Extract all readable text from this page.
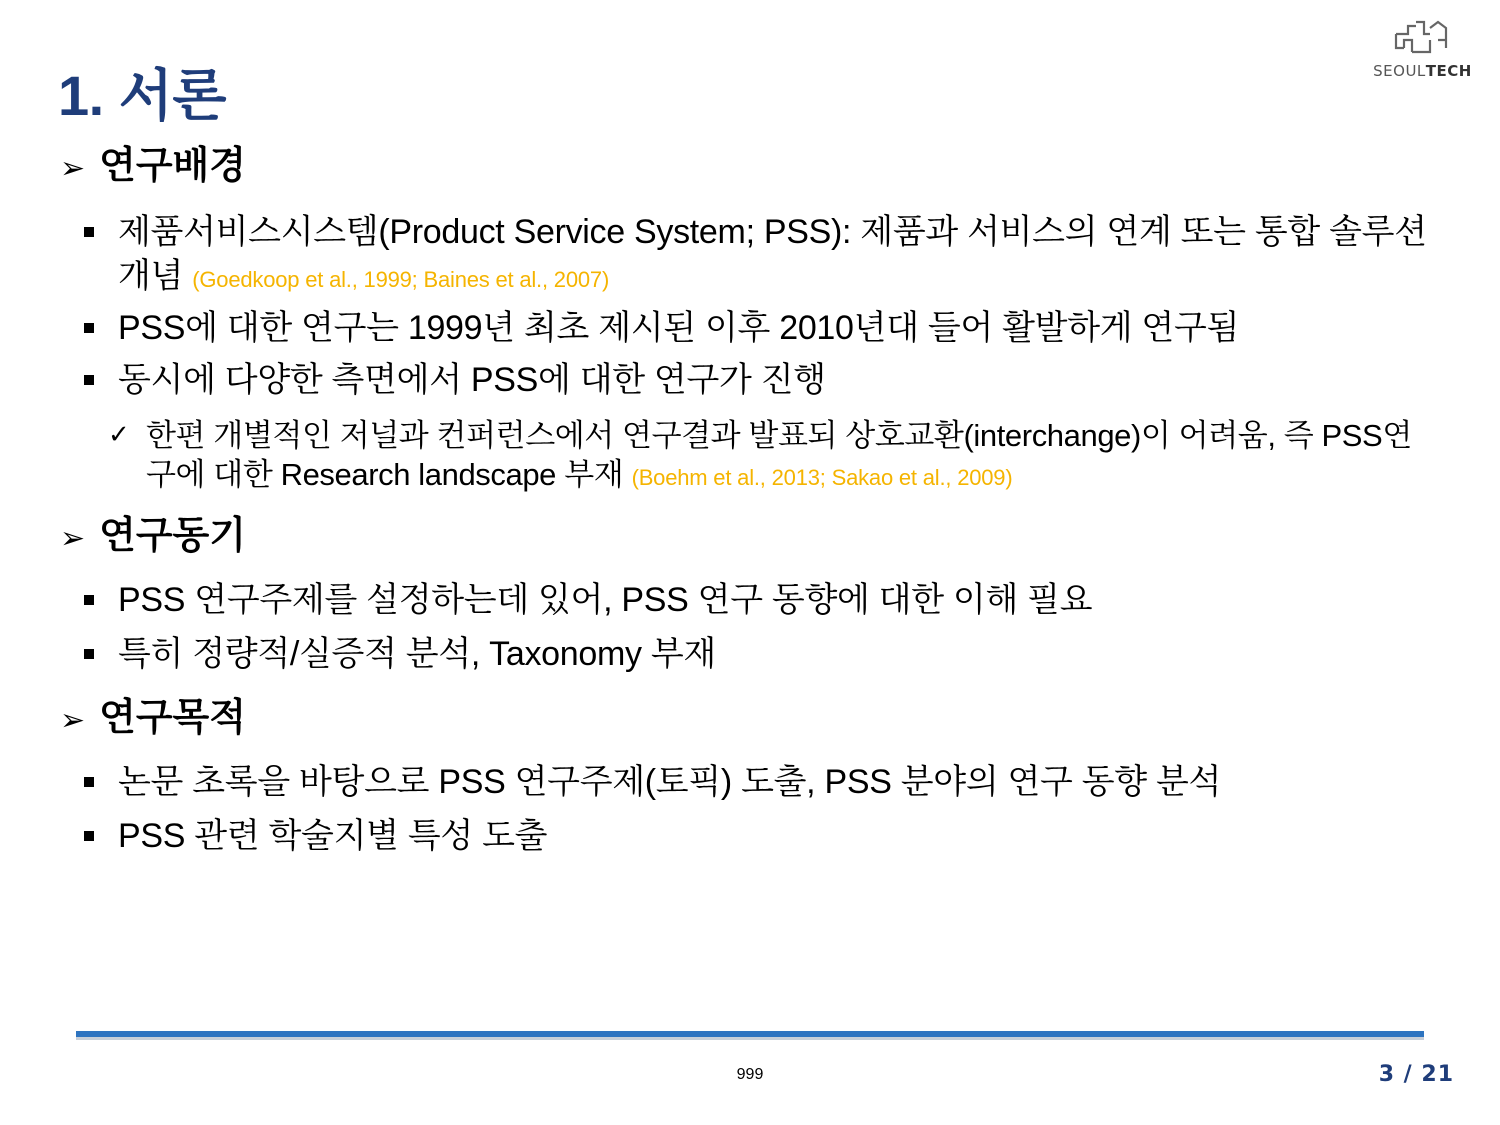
1. 서론	SEOULTECH
➢ 연구배경
제품서비스시스템(Product Service System; PSS): 제품과 서비스의 연계 또는 통합 솔루션 개념 (Goedkoop et al., 1999; Baines et al., 2007)
PSS에 대한 연구는 1999년 최초 제시된 이후 2010년대 들어 활발하게 연구됨
동시에 다양한 측면에서 PSS에 대한 연구가 진행
✓ 한편 개별적인 저널과 컨퍼런스에서 연구결과 발표되 상호교환(interchange)이 어려움, 즉 PSS연구에 대한 Research landscape 부재 (Boehm et al., 2013; Sakao et al., 2009)
➢ 연구동기
PSS 연구주제를 설정하는데 있어, PSS 연구 동향에 대한 이해 필요
특히 정량적/실증적 분석, Taxonomy 부재
➢ 연구목적
논문 초록을 바탕으로 PSS 연구주제(토픽) 도출, PSS 분야의 연구 동향 분석
PSS 관련 학술지별 특성 도출
999	3 / 21
